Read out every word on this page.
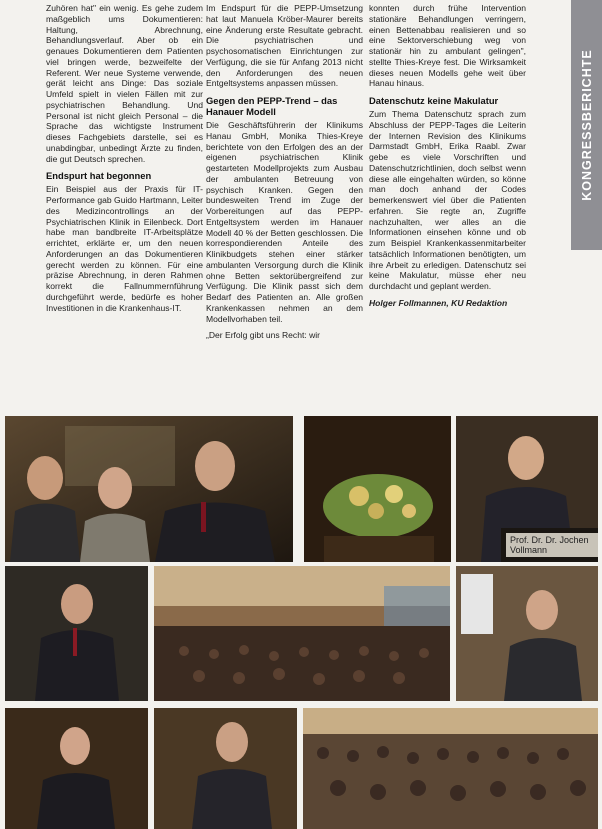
KONGRESSBERICHTE

Zuhören hat" ein wenig. Es gehe zudem maßgeblich ums Dokumentieren: Haltung, Abrechnung, Behandlungsverlauf. Aber ob ein genaues Dokumentieren dem Patienten viel bringen werde, bezweifelte der Referent. Wer neue Systeme verwende, gerät leicht ans Dinge: Das soziale Umfeld spielt in vielen Fällen mit zur psychiatrischen Behandlung. Und Personal ist nicht gleich Personal – die Sprache das wichtigste Instrument dieses Fachgebiets darstelle, sei es unabdingbar, unbedingt Ärzte zu finden, die gut Deutsch sprechen.

Endspurt hat begonnen

Ein Beispiel aus der Praxis für IT-Performance gab Guido Hartmann, Leiter des Medizincontrollings an der Psychiatrischen Klinik in Eilenbeck. Dort habe man bandbreite IT-Arbeitsplätze errichtet, erklärte er, um den neuen Anforderungen an das Dokumentieren gerecht werden zu können. Für eine präzise Abrechnung, in deren Rahmen korrekt die Fallnummernführung durchgeführt werde, bedürfe es hoher Investitionen in die Krankenhaus-IT.

Im Endspurt für die PEPP-Umsetzung hat laut Manuela Kröber-Maurer bereits eine Änderung erste Resultate gebracht. Die psychiatrischen und psychosomatischen Einrichtungen zur Verfügung, die sie für Anfang 2013 nicht den Anforderungen des neuen Entgeltsystems anpassen müssen.

Gegen den PEPP-Trend – das Hanauer Modell

Die Geschäftsführerin der Klinikums Hanau GmbH, Monika Thies-Kreye berichtete von den Erfolgen des an der eigenen psychiatrischen Klinik gestarteten Modellprojekts zum Ausbau der ambulanten Betreuung von psychisch Kranken. Gegen den bundesweiten Trend im Zuge der Vorbereitungen auf das PEPP-Entgeltsystem werden im Hanauer Modell 40 % der Betten geschlossen. Die korrespondierenden Anteile des Klinikbudgets stehen einer stärker ambulanten Versorgung durch die Klinik ohne Betten sektorübergreifend zur Verfügung. Die Klinik passt sich dem Bedarf des Patienten an. Alle großen Krankenkassen nehmen an dem Modellvorhaben teil.

„Der Erfolg gibt uns Recht: wir

konnten durch frühe Intervention stationäre Behandlungen verringern, einen Bettenabbau realisieren und so eine Sektorverschiebung weg von stationär hin zu ambulant gelingen", stellte Thies-Kreye fest. Die Wirksamkeit dieses neuen Modells gehe weit über Hanau hinaus.

Datenschutz keine Makulatur

Zum Thema Datenschutz sprach zum Abschluss der PEPP-Tages die Leiterin der Internen Revision des Klinikums Darmstadt GmbH, Erika Raabl. Zwar gebe es viele Vorschriften und Datenschutzrichtlinien, doch selbst wenn diese alle eingehalten würden, so könne man doch anhand der Codes bemerkenswert viel über die Patienten erfahren. Sie regte an, Zugriffe nachzuhalten, wer alles an die Informationen einsehen könne und ob zum Beispiel Krankenkassenmitarbeiter tatsächlich Informationen benötigten, um ihre Arbeit zu erledigen. Datenschutz sei keine Makulatur, müsse eher neu durchdacht und geplant werden.

Holger Follmannen, KU Redaktion

Prof. Dr. Dr. Jochen Vollmann
